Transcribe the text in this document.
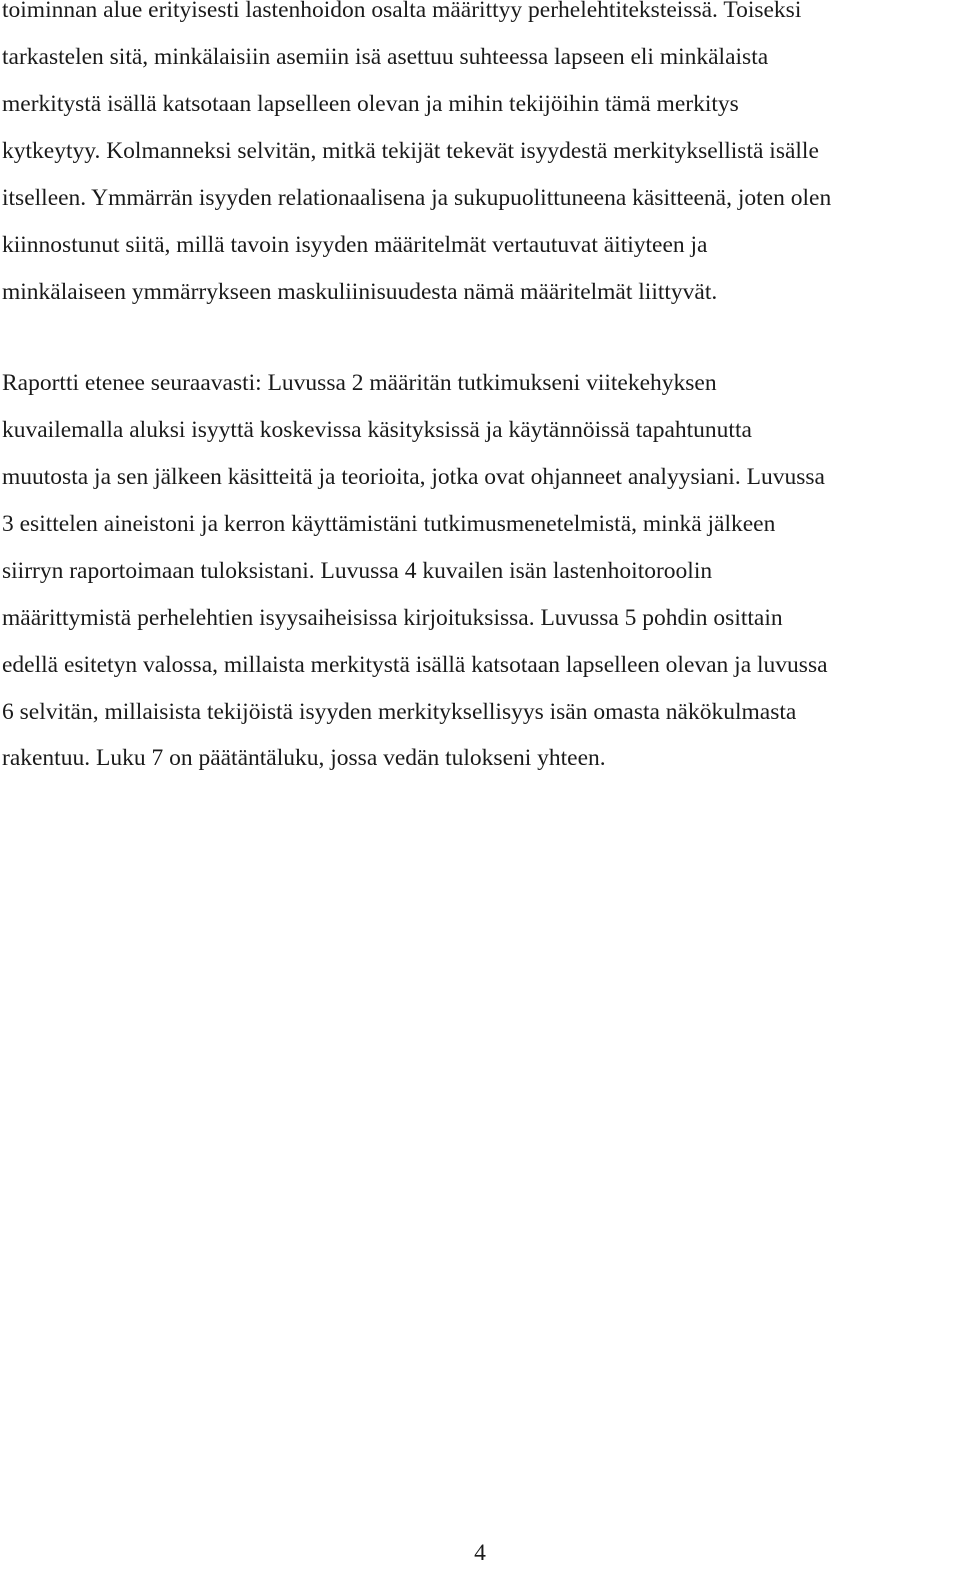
toiminnan alue erityisesti lastenhoidon osalta määrittyy perhelehtiteksteissä. Toiseksi
tarkastelen sitä, minkälaisiin asemiin isä asettuu suhteessa lapseen eli minkälaista
merkitystä isällä katsotaan lapselleen olevan ja mihin tekijöihin tämä merkitys
kytkeytyy. Kolmanneksi selvitän, mitkä tekijät tekevät isyydestä merkityksellistä isälle
itselleen. Ymmärrän isyyden relationaalisena ja sukupuolittuneena käsitteenä, joten olen
kiinnostunut siitä, millä tavoin isyyden määritelmät vertautuvat äitiyteen ja
minkälaiseen ymmärrykseen maskuliinisuudesta nämä määritelmät liittyvät.
Raportti etenee seuraavasti: Luvussa 2 määritän tutkimukseni viitekehyksen
kuvailemalla aluksi isyyttä koskevissa käsityksissä ja käytännöissä tapahtunutta
muutosta ja sen jälkeen käsitteitä ja teorioita, jotka ovat ohjanneet analyysiani. Luvussa
3 esittelen aineistoni ja kerron käyttämistäni tutkimusmenetelmistä, minkä jälkeen
siirryn raportoimaan tuloksistani. Luvussa 4 kuvailen isän lastenhoitoroolin
määrittymistä perhelehtien isyysaiheisissa kirjoituksissa. Luvussa 5 pohdin osittain
edellä esitetyn valossa, millaista merkitystä isällä katsotaan lapselleen olevan ja luvussa
6 selvitän, millaisista tekijöistä isyyden merkityksellisyys isän omasta näkökulmasta
rakentuu. Luku 7 on päätäntäluku, jossa vedän tulokseni yhteen.
4
